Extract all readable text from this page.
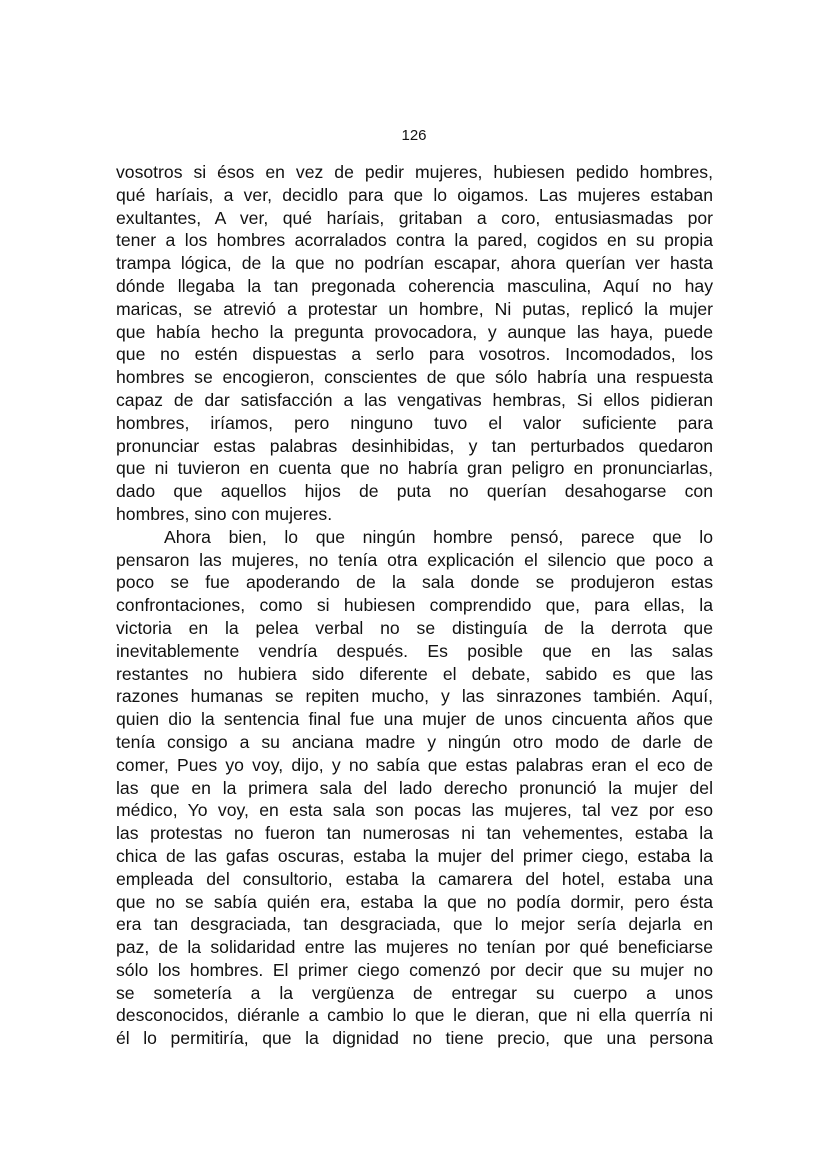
126
vosotros si ésos en vez de pedir mujeres, hubiesen pedido hombres,
qué haríais, a ver, decidlo para que lo oigamos. Las mujeres estaban
exultantes, A ver, qué haríais, gritaban a coro, entusiasmadas por
tener a los hombres acorralados contra la pared, cogidos en su propia
trampa lógica, de la que no podrían escapar, ahora querían ver hasta
dónde llegaba la tan pregonada coherencia masculina, Aquí no hay
maricas, se atrevió a protestar un hombre, Ni putas, replicó la mujer
que había hecho la pregunta provocadora, y aunque las haya, puede
que no estén dispuestas a serlo para vosotros. Incomodados, los
hombres se encogieron, conscientes de que sólo habría una respuesta
capaz de dar satisfacción a las vengativas hembras, Si ellos pidieran
hombres, iríamos, pero ninguno tuvo el valor suficiente para
pronunciar estas palabras desinhibidas, y tan perturbados quedaron
que ni tuvieron en cuenta que no habría gran peligro en pronunciarlas,
dado que aquellos hijos de puta no querían desahogarse con
hombres, sino con mujeres.
Ahora bien, lo que ningún hombre pensó, parece que lo
pensaron las mujeres, no tenía otra explicación el silencio que poco a
poco se fue apoderando de la sala donde se produjeron estas
confrontaciones, como si hubiesen comprendido que, para ellas, la
victoria en la pelea verbal no se distinguía de la derrota que
inevitablemente vendría después. Es posible que en las salas
restantes no hubiera sido diferente el debate, sabido es que las
razones humanas se repiten mucho, y las sinrazones también. Aquí,
quien dio la sentencia final fue una mujer de unos cincuenta años que
tenía consigo a su anciana madre y ningún otro modo de darle de
comer, Pues yo voy, dijo, y no sabía que estas palabras eran el eco de
las que en la primera sala del lado derecho pronunció la mujer del
médico, Yo voy, en esta sala son pocas las mujeres, tal vez por eso
las protestas no fueron tan numerosas ni tan vehementes, estaba la
chica de las gafas oscuras, estaba la mujer del primer ciego, estaba la
empleada del consultorio, estaba la camarera del hotel, estaba una
que no se sabía quién era, estaba la que no podía dormir, pero ésta
era tan desgraciada, tan desgraciada, que lo mejor sería dejarla en
paz, de la solidaridad entre las mujeres no tenían por qué beneficiarse
sólo los hombres. El primer ciego comenzó por decir que su mujer no
se sometería a la vergüenza de entregar su cuerpo a unos
desconocidos, diéranle a cambio lo que le dieran, que ni ella querría ni
él lo permitiría, que la dignidad no tiene precio, que una persona
